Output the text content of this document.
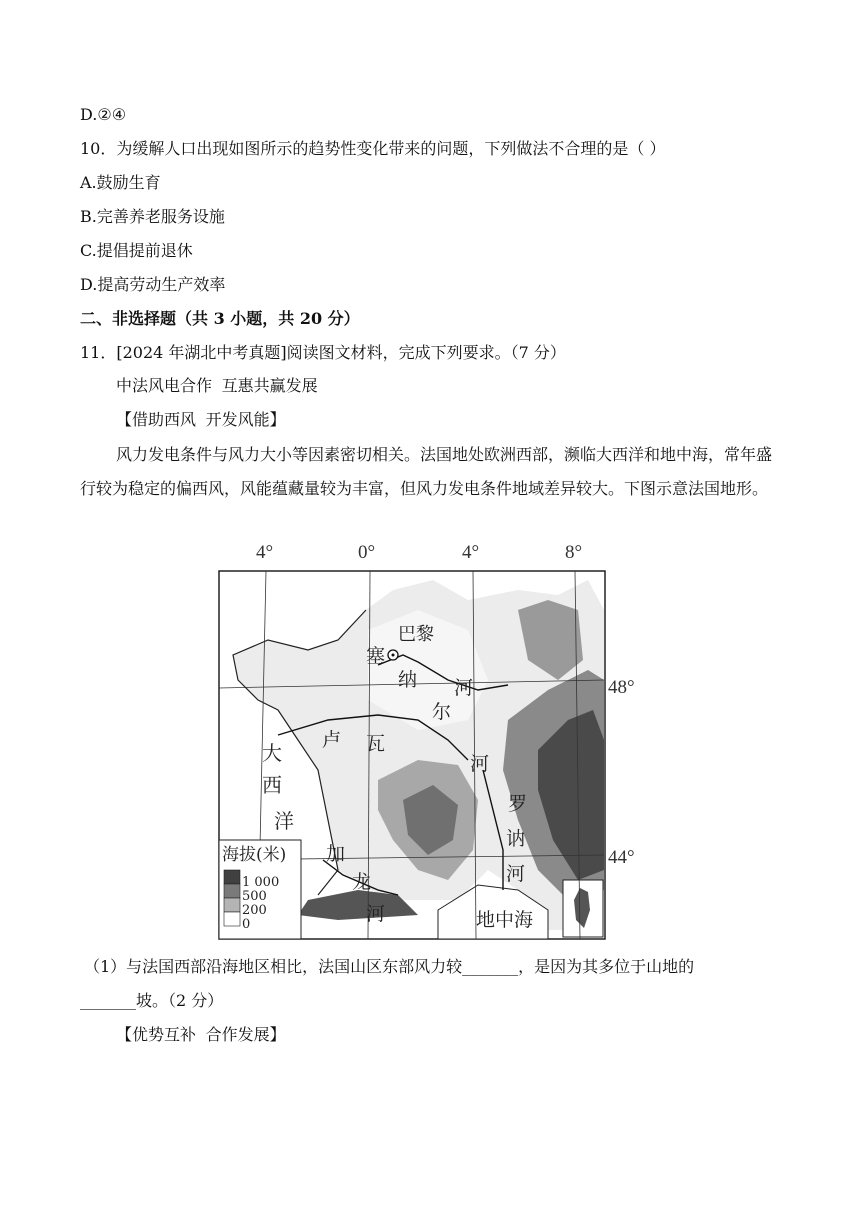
D.②④
10．为缓解人口出现如图所示的趋势性变化带来的问题，下列做法不合理的是（ ）
A.鼓励生育
B.完善养老服务设施
C.提倡提前退休
D.提高劳动生产效率
二、非选择题（共 3 小题，共 20 分）
11．[2024 年湖北中考真题]阅读图文材料，完成下列要求。（7 分）
中法风电合作 互惠共赢发展
【借助西风 开发风能】
风力发电条件与风力大小等因素密切相关。法国地处欧洲西部，濒临大西洋和地中海，常年盛行较为稳定的偏西风，风能蕴藏量较为丰富，但风力发电条件地域差异较大。下图示意法国地形。
4°	0°	4°	8°
48°
44°
海拔(米)
1 000
500
200
0
巴黎
塞
纳
尔
河
卢 瓦
河
罗
讷
河
加
龙
河
大
西
洋
地中海
（1）与法国西部沿海地区相比，法国山区东部风力较_______，是因为其多位于山地的
_______坡。（2 分）
【优势互补 合作发展】
